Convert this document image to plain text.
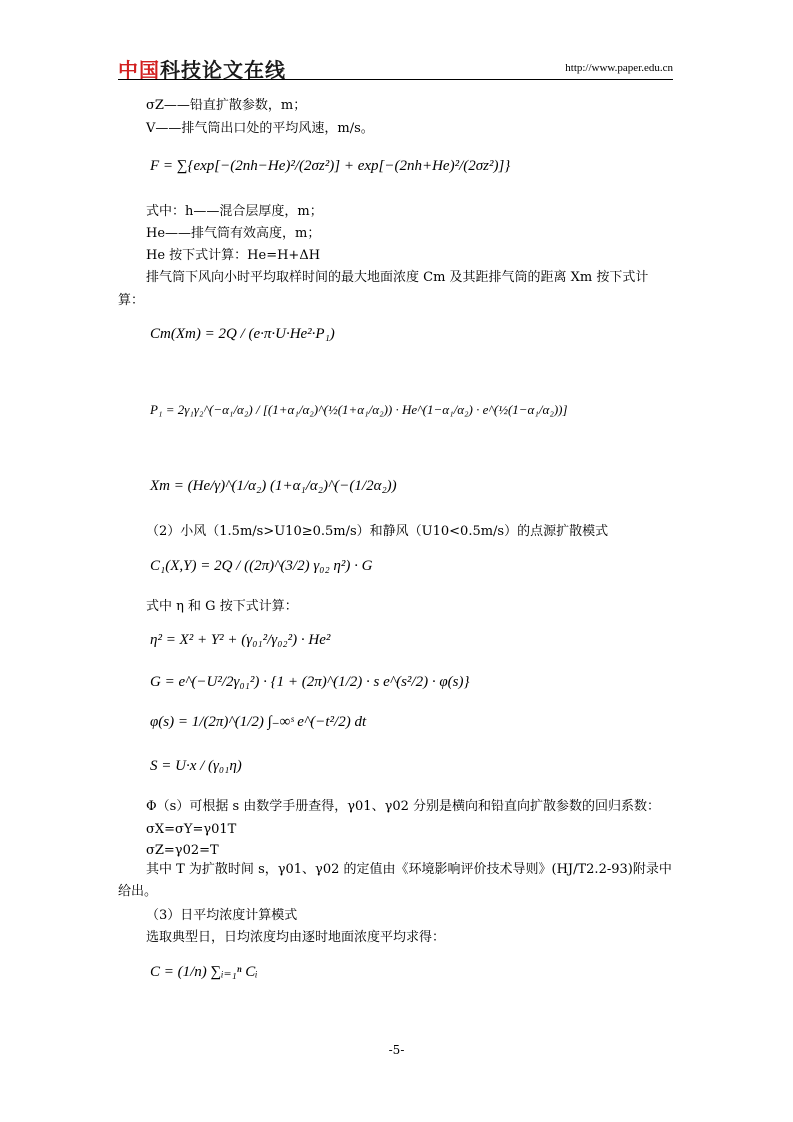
中国科技论文在线	http://www.paper.edu.cn
σZ——铅直扩散参数，m；
V——排气筒出口处的平均风速，m/s。
F = ∑{exp[−(2nh−He)²/(2σz²)] + exp[−(2nh+He)²/(2σz²)]}
式中：h——混合层厚度，m；
He——排气筒有效高度，m；
He 按下式计算：He=H+ΔH
排气筒下风向小时平均取样时间的最大地面浓度 Cm 及其距排气筒的距离 Xm 按下式计
算：
Cm(Xm) = 2Q / (e·π·U·He²·P₁)
P₁ = 2γ₁γ₂^(−α₁/α₂) / [(1+α₁/α₂)^(½(1+α₁/α₂)) · He^(1−α₁/α₂) · e^(½(1−α₁/α₂))]
Xm = (He/γ)^(1/α₂) (1+α₁/α₂)^(−(1/2α₂))
（2）小风（1.5m/s>U10≥0.5m/s）和静风（U10<0.5m/s）的点源扩散模式
C₁(X,Y) = 2Q / ((2π)^(3/2) γ₀₂ η²) · G
式中 η 和 G 按下式计算：
η² = X² + Y² + (γ₀₁²/γ₀₂²) · He²
G = e^(−U²/2γ₀₁²) · {1 + (2π)^(1/2) · s e^(s²/2) · φ(s)}
φ(s) = 1/(2π)^(1/2) ∫₋∞ˢ e^(−t²/2) dt
S = U·x / (γ₀₁η)
Φ（s）可根据 s 由数学手册查得，γ01、γ02 分别是横向和铅直向扩散参数的回归系数：
σX=σY=γ01T
σZ=γ02=T
其中 T 为扩散时间 s，γ01、γ02 的定值由《环境影响评价技术导则》(HJ/T2.2-93)附录中
给出。
（3）日平均浓度计算模式
选取典型日，日均浓度均由逐时地面浓度平均求得：
C = (1/n) ∑ᵢ₌₁ⁿ Cᵢ
-5-
